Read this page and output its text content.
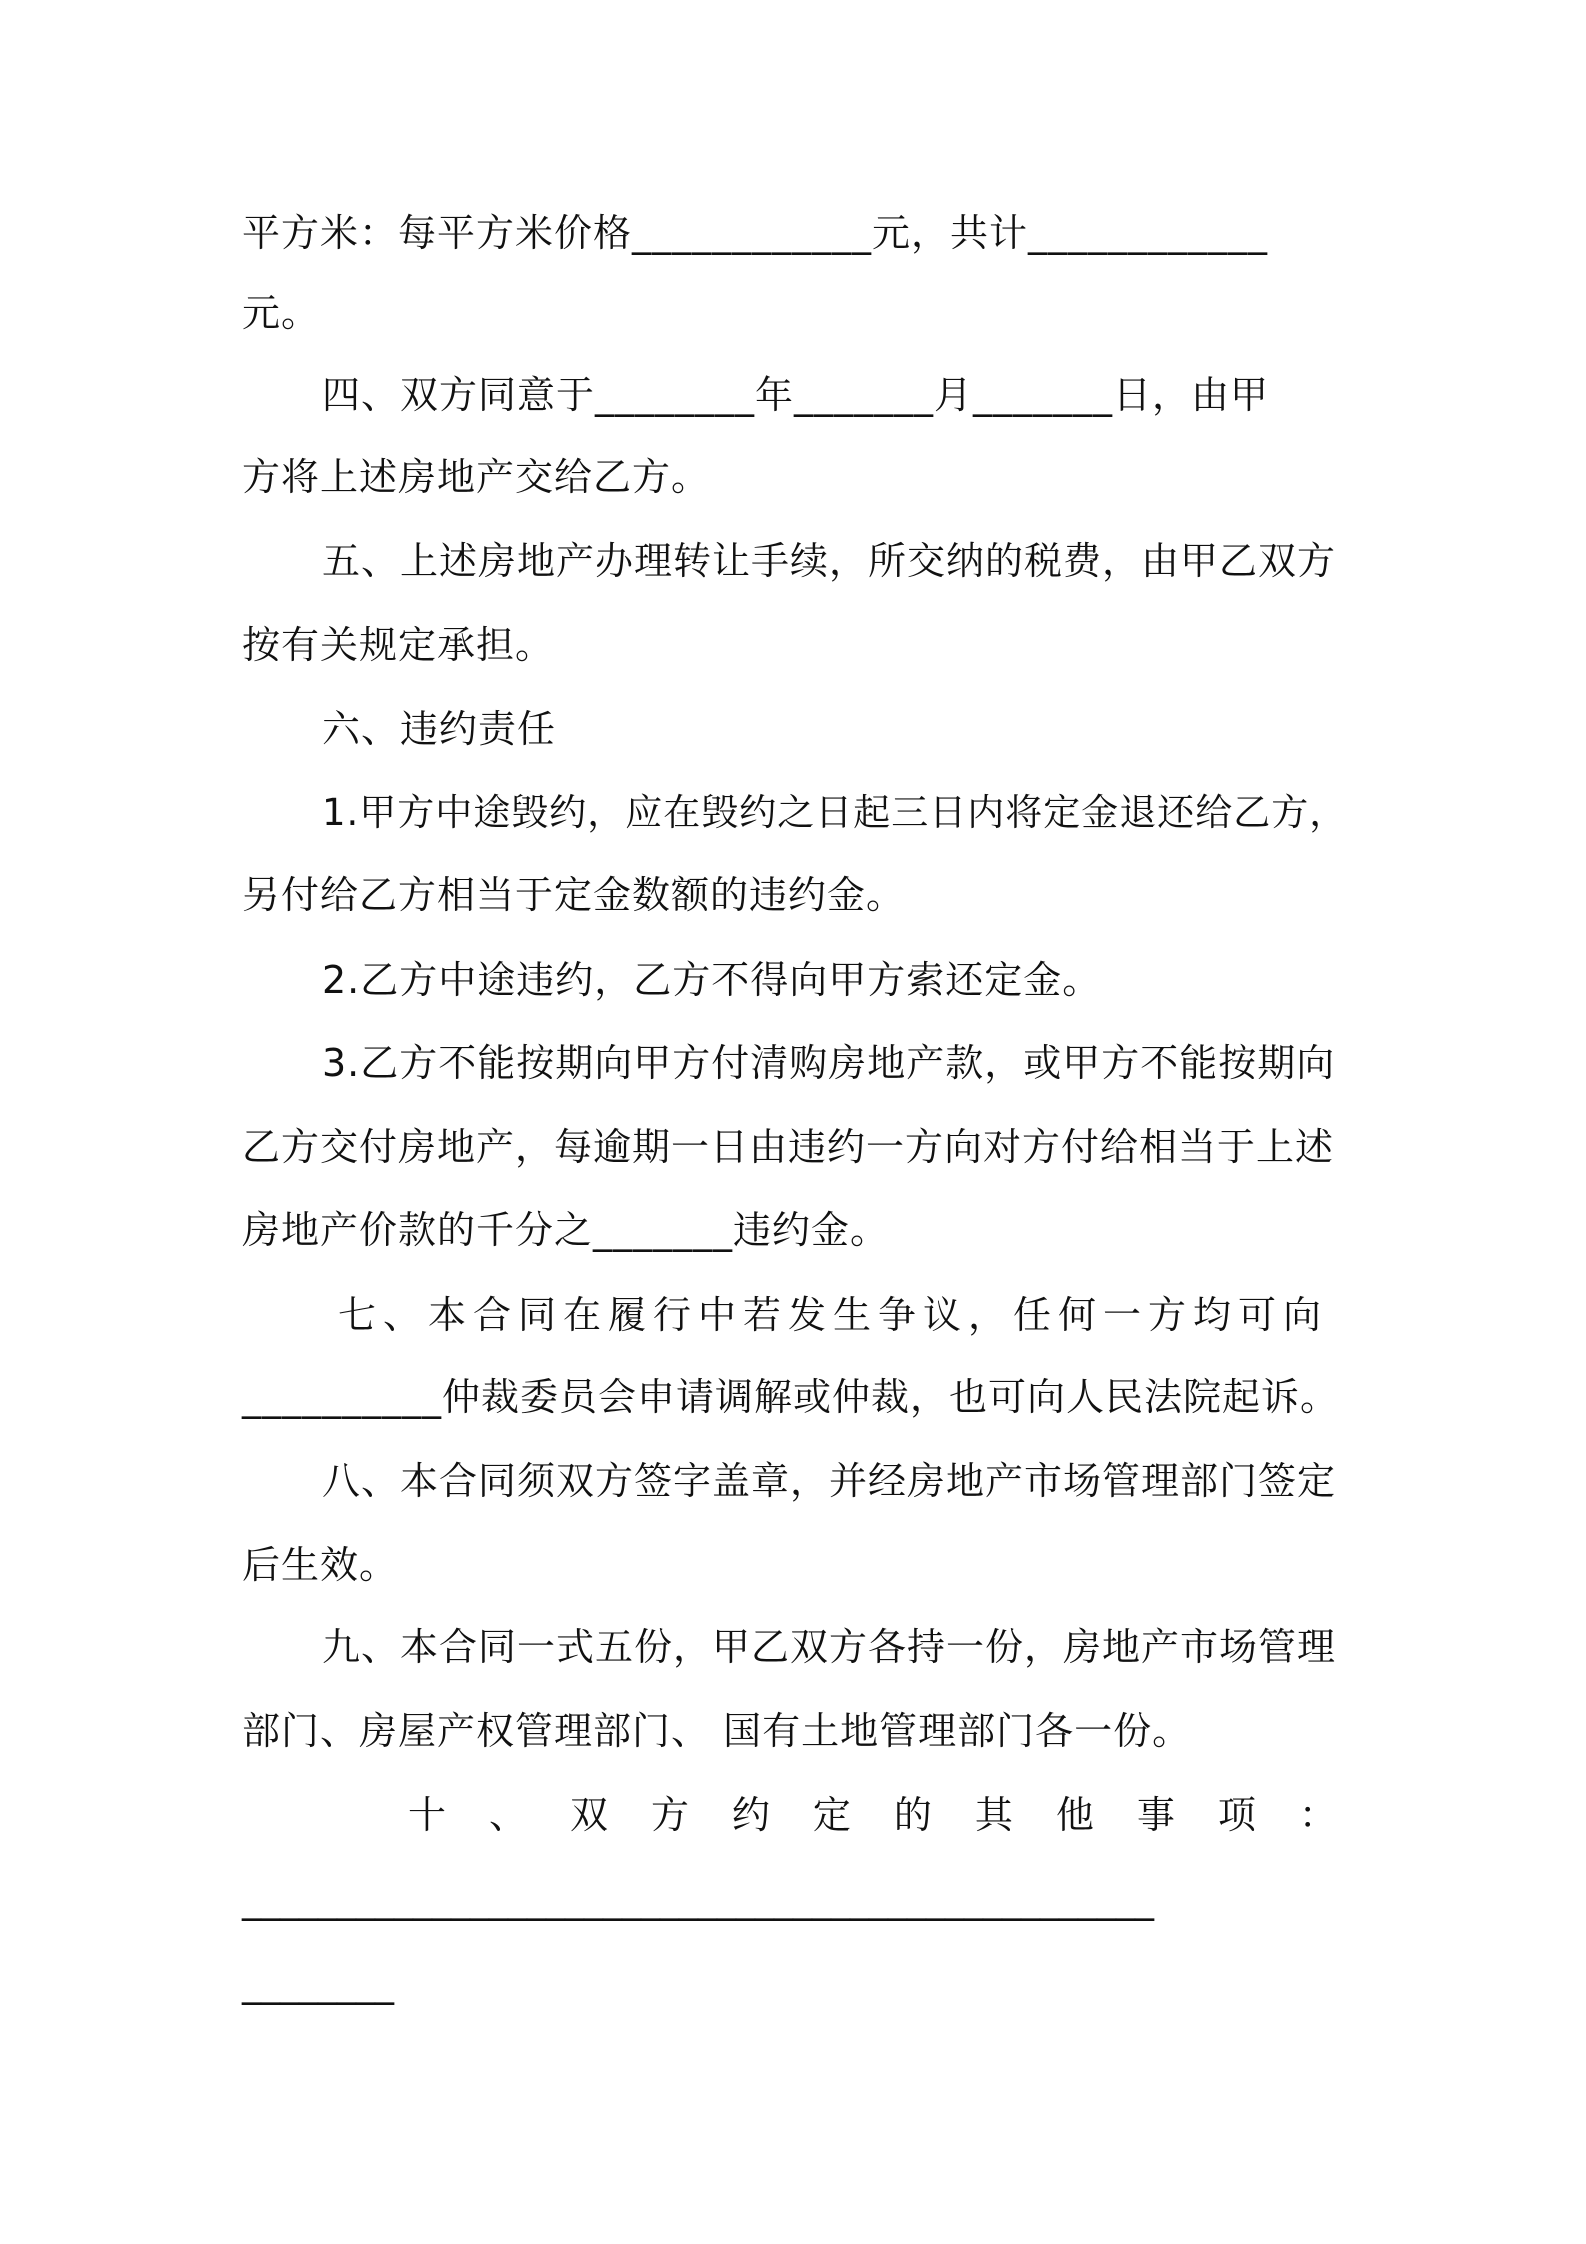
平方米：每平方米价格____________元，共计____________
元。
四、双方同意于________年_______月_______日，由甲
方将上述房地产交给乙方。
五、上述房地产办理转让手续，所交纳的税费，由甲乙双方
按有关规定承担。
六、违约责任
1.甲方中途毁约，应在毁约之日起三日内将定金退还给乙方，
另付给乙方相当于定金数额的违约金。
2.乙方中途违约，乙方不得向甲方索还定金。
3.乙方不能按期向甲方付清购房地产款，或甲方不能按期向
乙方交付房地产，每逾期一日由违约一方向对方付给相当于上述
房地产价款的千分之_______违约金。
七、本合同在履行中若发生争议，任何一方均可向
__________仲裁委员会申请调解或仲裁，也可向人民法院起诉。
八、本合同须双方签字盖章，并经房地产市场管理部门签定
后生效。
九、本合同一式五份，甲乙双方各持一份，房地产市场管理
部门、房屋产权管理部门、 国有土地管理部门各一份。
十 、 双 方 约 定 的 其 他 事 项 ：
________________________________________________
________
